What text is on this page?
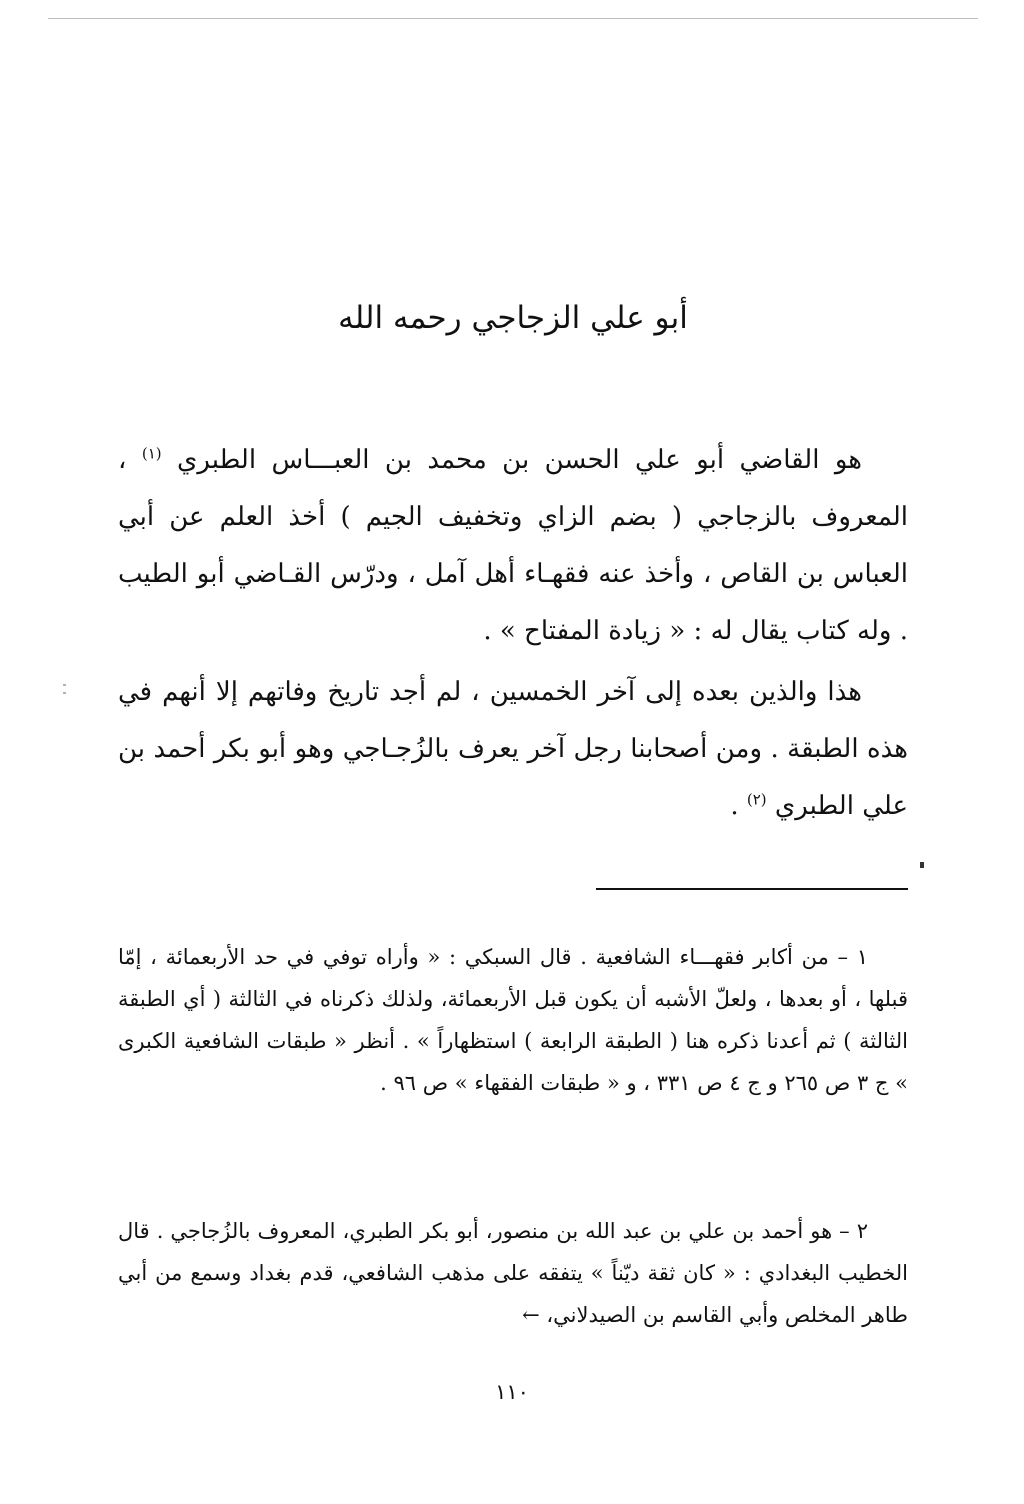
أبو علي الزجاجي رحمه الله

هو القاضي أبو علي الحسن بن محمد بن العبـــاس الطبري $^{(١)}$ ، المعروف بالزجاجي ( بضم الزاي وتخفيف الجيم ) أخذ العلم عن أبي العباس بن القاص ، وأخذ عنه فقهـاء أهل آمل ، ودرّس القـاضي أبو الطيب . وله كتاب يقال له : « زيادة المفتاح » .

هذا والذين بعده إلى آخر الخمسين ، لم أجد تاريخ وفاتهم إلا أنهم في هذه الطبقة . ومن أصحابنا رجل آخر يعرف بالزُجـاجي وهو أبو بكر أحمد بن علي الطبري $^{(٢)}$ .

١ – من أكابر فقهـــاء الشافعية . قال السبكي : « وأراه توفي في حد الأربعمائة ، إمّا قبلها ، أو بعدها ، ولعلّ الأشبه أن يكون قبل الأربعمائة، ولذلك ذكرناه في الثالثة ( أي الطبقة الثالثة ) ثم أعدنا ذكره هنا ( الطبقة الرابعة ) استظهاراً » . أنظر « طبقات الشافعية الكبرى » ج ٣ ص ٢٦٥ و ج ٤ ص ٣٣١ ، و « طبقات الفقهاء » ص ٩٦ .

٢ – هو أحمد بن علي بن عبد الله بن منصور، أبو بكر الطبري، المعروف بالزُجاجي . قال الخطيب البغدادي : « كان ثقة ديّناً » يتفقه على مذهب الشافعي، قدم بغداد وسمع من أبي طاهر المخلص وأبي القاسم بن الصيدلاني، ←

١١٠
